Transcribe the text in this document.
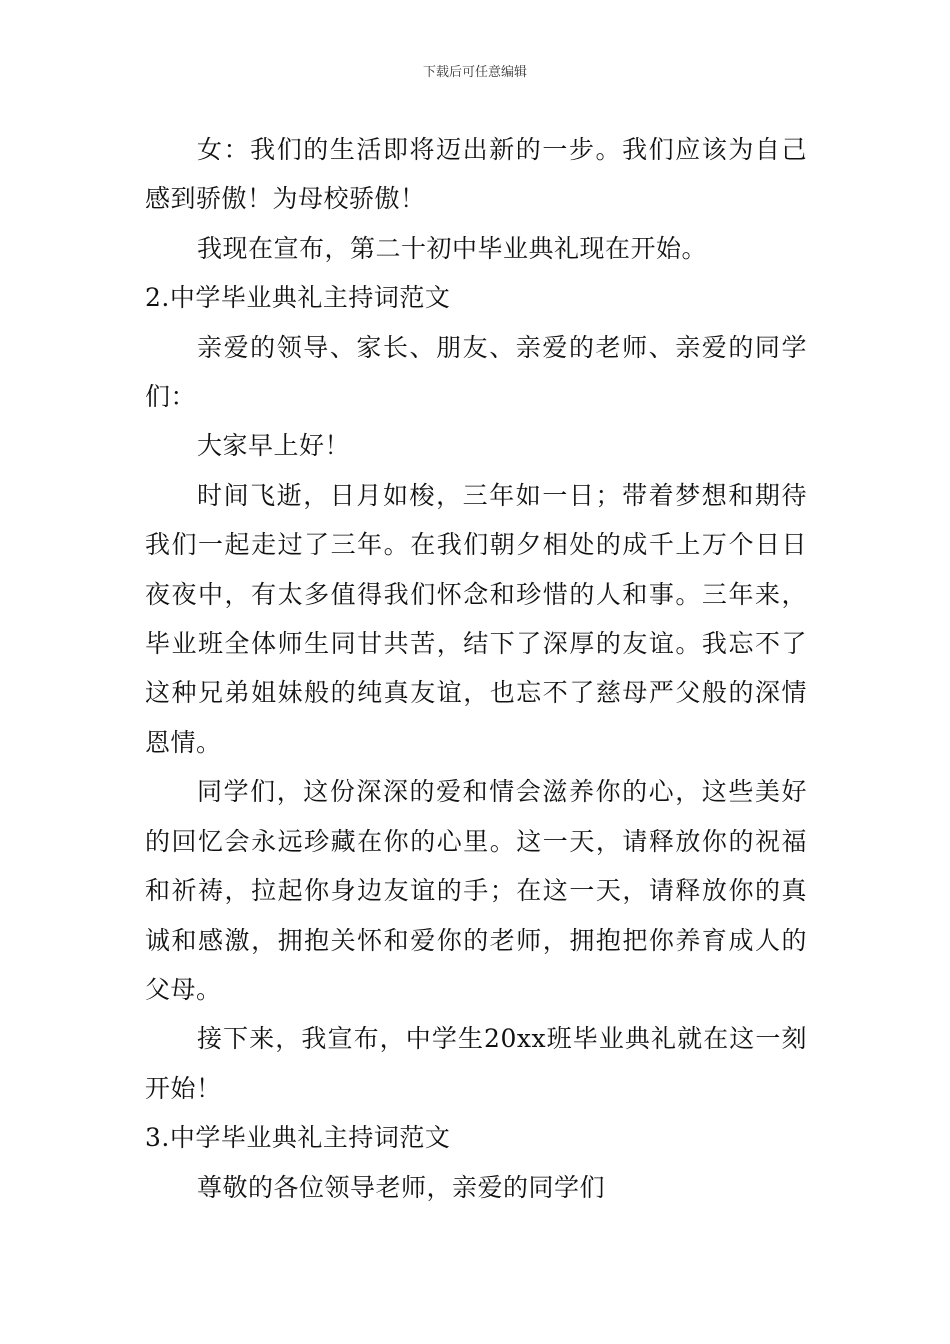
下载后可任意编辑

女：我们的生活即将迈出新的一步。我们应该为自己感到骄傲！为母校骄傲！

我现在宣布，第二十初中毕业典礼现在开始。

2.中学毕业典礼主持词范文

亲爱的领导、家长、朋友、亲爱的老师、亲爱的同学们：

大家早上好！

时间飞逝，日月如梭，三年如一日；带着梦想和期待我们一起走过了三年。在我们朝夕相处的成千上万个日日夜夜中，有太多值得我们怀念和珍惜的人和事。三年来，毕业班全体师生同甘共苦，结下了深厚的友谊。我忘不了这种兄弟姐妹般的纯真友谊，也忘不了慈母严父般的深情恩情。

同学们，这份深深的爱和情会滋养你的心，这些美好的回忆会永远珍藏在你的心里。这一天，请释放你的祝福和祈祷，拉起你身边友谊的手；在这一天，请释放你的真诚和感激，拥抱关怀和爱你的老师，拥抱把你养育成人的父母。

接下来，我宣布，中学生20xx班毕业典礼就在这一刻开始！

3.中学毕业典礼主持词范文

尊敬的各位领导老师，亲爱的同学们
